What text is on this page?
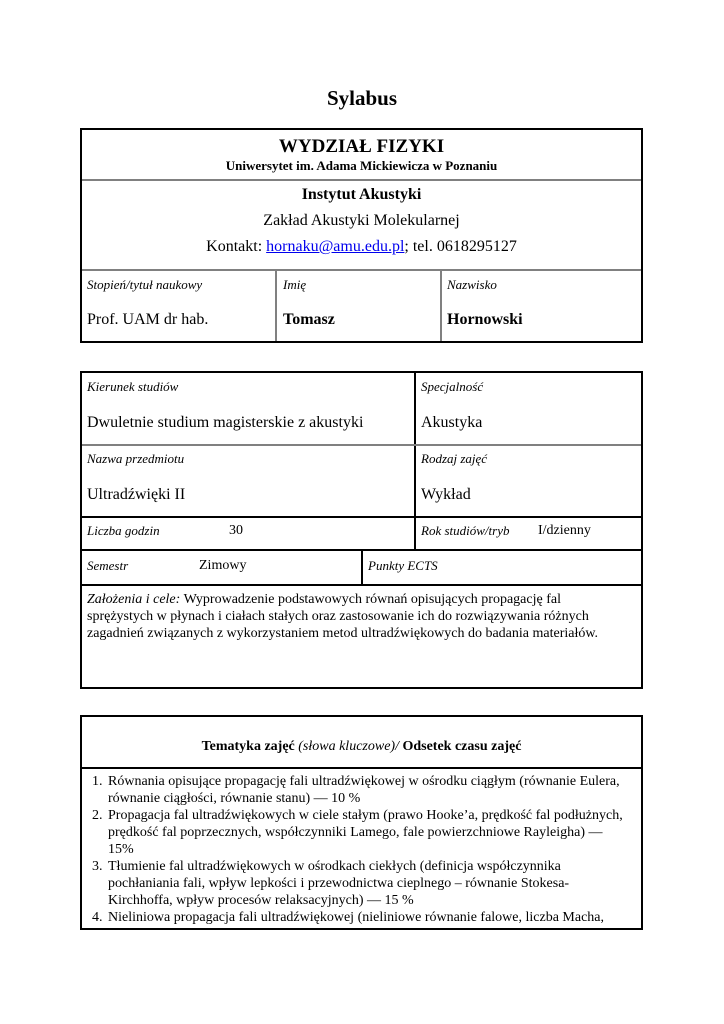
Sylabus
WYDZIAŁ FIZYKI
Uniwersytet im. Adama Mickiewicza w Poznaniu
Instytut Akustyki
Zakład Akustyki Molekularnej
Kontakt: hornaku@amu.edu.pl; tel. 0618295127
Stopień/tytuł naukowy
Prof. UAM dr hab.
Imię
Tomasz
Nazwisko
Hornowski
Kierunek studiów
Dwuletnie studium magisterskie z akustyki
Specjalność
Akustyka
Nazwa przedmiotu
Ultradźwięki II
Rodzaj zajęć
Wykład
Liczba godzin	30	Rok studiów/tryb I/dzienny
Semestr	Zimowy	Punkty ECTS
Założenia i cele: Wyprowadzenie podstawowych równań opisujących propagację fal sprężystych w płynach i ciałach stałych oraz zastosowanie ich do rozwiązywania różnych zagadnień związanych z wykorzystaniem metod ultradźwiękowych do badania materiałów.
Tematyka zajęć (słowa kluczowe)/ Odsetek czasu zajęć
1. Równania opisujące propagację fali ultradźwiękowej w ośrodku ciągłym (równanie Eulera, równanie ciągłości, równanie stanu) — 10 %
2. Propagacja fal ultradźwiękowych w ciele stałym (prawo Hooke’a, prędkość fal podłużnych, prędkość fal poprzecznych, współczynniki Lamego, fale powierzchniowe Rayleigha) — 15%
3. Tłumienie fal ultradźwiękowych w ośrodkach ciekłych (definicja współczynnika pochłaniania fali, wpływ lepkości i przewodnictwa cieplnego – równanie Stokesa-Kirchhoffa, wpływ procesów relaksacyjnych) — 15 %
4. Nieliniowa propagacja fali ultradźwiękowej (nieliniowe równanie falowe, liczba Macha,
